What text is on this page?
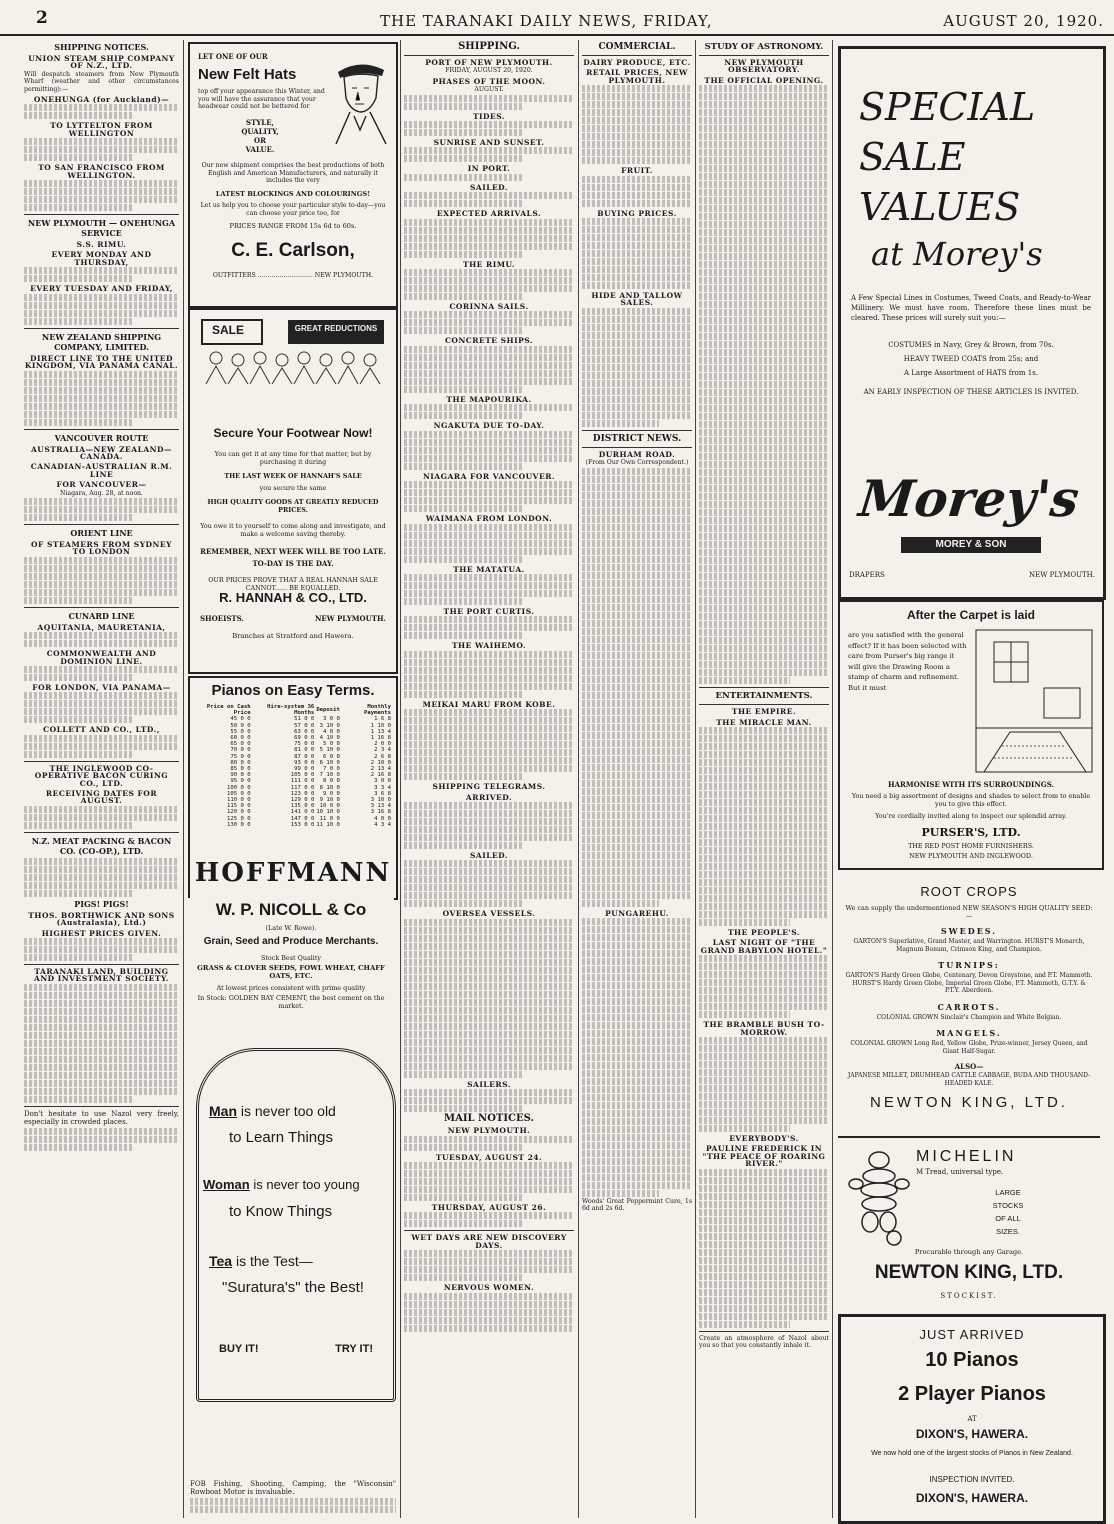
2	THE TARANAKI DAILY NEWS, FRIDAY,	AUGUST 20, 1920.
SHIPPING NOTICES.
UNION STEAM SHIP COMPANY OF N.Z., LTD.
Will despatch steamers from New Plymouth Wharf (weather and other circumstances permitting):—
ONEHUNGA (for Auckland)—
TO LYTTELTON FROM WELLINGTON
TO SAN FRANCISCO FROM WELLINGTON.
NEW PLYMOUTH — ONEHUNGA SERVICE
S.S. RIMU.
EVERY MONDAY AND THURSDAY,
EVERY TUESDAY AND FRIDAY,
NEW ZEALAND SHIPPING COMPANY, LIMITED.
DIRECT LINE TO THE UNITED KINGDOM, VIA PANAMA CANAL.
VANCOUVER ROUTE
AUSTRALIA—NEW ZEALAND—CANADA.
CANADIAN-AUSTRALIAN R.M. LINE
FOR VANCOUVER—
Niagara, Aug. 28, at noon.
ORIENT LINE
OF STEAMERS FROM SYDNEY TO LONDON
CUNARD LINE
AQUITANIA, MAURETANIA,
COMMONWEALTH AND DOMINION LINE.
FOR LONDON, VIA PANAMA—
COLLETT AND CO., LTD.,
THE INGLEWOOD CO-OPERATIVE BACON CURING CO., LTD.
RECEIVING DATES FOR AUGUST.
N.Z. MEAT PACKING & BACON CO. (CO-OP.), LTD.
PIGS! PIGS!
THOS. BORTHWICK AND SONS (Australasia), Ltd.)
HIGHEST PRICES GIVEN.
TARANAKI LAND, BUILDING AND INVESTMENT SOCIETY.
Don't hesitate to use Nazol very freely, especially in crowded places.
LET ONE OF OUR
New Felt Hats
top off your appearance this Winter, and you will have the assurance that your headwear could not be bettered for
STYLE,
QUALITY,
OR
VALUE.
Our new shipment comprises the best productions of both English and American Manufacturers, and naturally it includes the very
LATEST BLOCKINGS AND COLOURINGS!
Let us help you to choose your particular style to-day—you can choose your price too, for
PRICES RANGE FROM 15s 6d to 60s.
C. E. Carlson,
OUTFITTERS ............................ NEW PLYMOUTH.
SALE	GREAT REDUCTIONS
Secure Your Footwear Now!
You can get it at any time for that matter, but by purchasing it during
THE LAST WEEK OF HANNAH'S SALE
you secure the same
HIGH QUALITY GOODS AT GREATLY REDUCED PRICES.
You owe it to yourself to come along and investigate, and make a welcome saving thereby.
REMEMBER, NEXT WEEK WILL BE TOO LATE.
TO-DAY IS THE DAY.
OUR PRICES PROVE THAT A REAL HANNAH SALE CANNOT...... BE EQUALLED.
R. HANNAH & CO., LTD.
SHOEISTS.	NEW PLYMOUTH.
Branches at Stratford and Hawera.
Pianos on Easy Terms.
Price on Cash Price	Hire-system 36 Months	Deposit	Monthly Payments
45 0 0	51 0 0	3 0 0	1 6 8
50 0 0	57 0 0	3 10 0	1 10 0
55 0 0	63 0 0	4 0 0	1 13 4
60 0 0	69 0 0	4 10 0	1 16 8
65 0 0	75 0 0	5 0 0	2 0 0
70 0 0	81 0 0	5 10 0	2 3 4
75 0 0	87 0 0	6 0 0	2 6 8
80 0 0	93 0 0	6 10 0	2 10 0
85 0 0	99 0 0	7 0 0	2 13 4
90 0 0	105 0 0	7 10 0	2 16 8
95 0 0	111 0 0	8 0 0	3 0 0
100 0 0	117 0 0	8 10 0	3 3 4
105 0 0	123 0 0	9 0 0	3 6 8
110 0 0	129 0 0	9 10 0	3 10 0
115 0 0	135 0 0	10 0 0	3 13 4
120 0 0	141 0 0	10 10 0	3 16 8
125 0 0	147 0 0	11 0 0	4 0 0
130 0 0	153 0 0	11 10 0	4 3 4
HOFFMANN
W. P. NICOLL & Co
(Late W. Rowe).
Grain, Seed and Produce Merchants.
Stock Best Quality
GRASS & CLOVER SEEDS, FOWL WHEAT, CHAFF OATS, ETC.
At lowest prices consistent with prime quality
In Stock: GOLDEN BAY CEMENT, the best cement on the market.
Man is never too old
to Learn Things
Woman is never too young
to Know Things
Tea is the Test—
"Suratura's" the Best!
BUY IT!	TRY IT!
FOB Fishing, Shooting, Camping, the "Wisconsin" Rowboat Motor is invaluable.
SHIPPING.
PORT OF NEW PLYMOUTH.
FRIDAY, AUGUST 20, 1920.
PHASES OF THE MOON.
AUGUST.
TIDES.
SUNRISE AND SUNSET.
IN PORT.
SAILED.
EXPECTED ARRIVALS.
THE RIMU.
CORINNA SAILS.
CONCRETE SHIPS.
THE MAPOURIKA.
NGAKUTA DUE TO-DAY.
NIAGARA FOR VANCOUVER.
WAIMANA FROM LONDON.
THE MATATUA.
THE PORT CURTIS.
THE WAIHEMO.
MEIKAI MARU FROM KOBE.
SHIPPING TELEGRAMS.
ARRIVED.
SAILED.
OVERSEA VESSELS.
SAILERS.
MAIL NOTICES.
NEW PLYMOUTH.
TUESDAY, AUGUST 24.
THURSDAY, AUGUST 26.
WET DAYS ARE NEW DISCOVERY DAYS.
NERVOUS WOMEN.
COMMERCIAL.
DAIRY PRODUCE, ETC.
RETAIL PRICES, NEW PLYMOUTH.
FRUIT.
BUYING PRICES.
HIDE AND TALLOW SALES.
DISTRICT NEWS.
DURHAM ROAD.
(From Our Own Correspondent.)
PUNGAREHU.
Woods' Great Peppermint Cure, 1s 6d and 2s 6d.
STUDY OF ASTRONOMY.
NEW PLYMOUTH OBSERVATORY.
THE OFFICIAL OPENING.
ENTERTAINMENTS.
THE EMPIRE.
THE MIRACLE MAN.
THE PEOPLE'S.
LAST NIGHT OF "THE GRAND BABYLON HOTEL."
THE BRAMBLE BUSH TO-MORROW.
EVERYBODY'S.
PAULINE FREDERICK IN "THE PEACE OF ROARING RIVER."
Create an atmosphere of Nazol about you so that you constantly inhale it.
SPECIAL
SALE
VALUES
at Morey's
A Few Special Lines in Costumes, Tweed Coats, and Ready-to-Wear Millinery. We must have room. Therefore these lines must be cleared. These prices will surely suit you:—
COSTUMES in Navy, Grey & Brown, from 70s.
HEAVY TWEED COATS from 25s; and
A Large Assortment of HATS from 1s.
AN EARLY INSPECTION OF THESE ARTICLES IS INVITED.
Morey's
MOREY & SON
DRAPERS	NEW PLYMOUTH.
After the Carpet is laid
are you satisfied with the general effect? If it has been selected with care from Purser's big range it will give the Drawing Room a stamp of charm and refinement. But it must
HARMONISE WITH ITS SURROUNDINGS.
You need a big assortment of designs and shades to select from to enable you to give this effect.
You're cordially invited along to inspect our splendid array.
PURSER'S, LTD.
THE RED POST HOME FURNISHERS.
NEW PLYMOUTH AND INGLEWOOD.
ROOT CROPS
We can supply the undermentioned NEW SEASON'S HIGH QUALITY SEED:—
SWEDES.
GARTON'S Superlative, Grand Master, and Warrington. HURST'S Monarch, Magnum Bonum, Crimson King, and Champion.
TURNIPS:
GARTON'S Hardy Green Globe, Centenary, Devon Greystone, and P.T. Mammoth. HURST'S Hardy Green Globe, Imperial Green Globe, P.T. Mammoth, G.T.Y. & P.T.Y. Aberdeen.
CARROTS.
COLONIAL GROWN Sinclair's Champion and White Belgian.
MANGELS.
COLONIAL GROWN Long Red, Yellow Globe, Prize-winner, Jersey Queen, and Giant Half-Sugar.
ALSO—
JAPANESE MILLET, DRUMHEAD CATTLE CABBAGE, BUDA AND THOUSAND-HEADED KALE.
NEWTON KING, LTD.
MICHELIN
M Tread, universal type.
LARGE
STOCKS
OF ALL
SIZES.
Procurable through any Garage.
NEWTON KING, LTD.
STOCKIST.
JUST ARRIVED
10 Pianos
2 Player Pianos
AT
DIXON'S, HAWERA.
We now hold one of the largest stocks of Pianos in New Zealand.
INSPECTION INVITED.
DIXON'S, HAWERA.
